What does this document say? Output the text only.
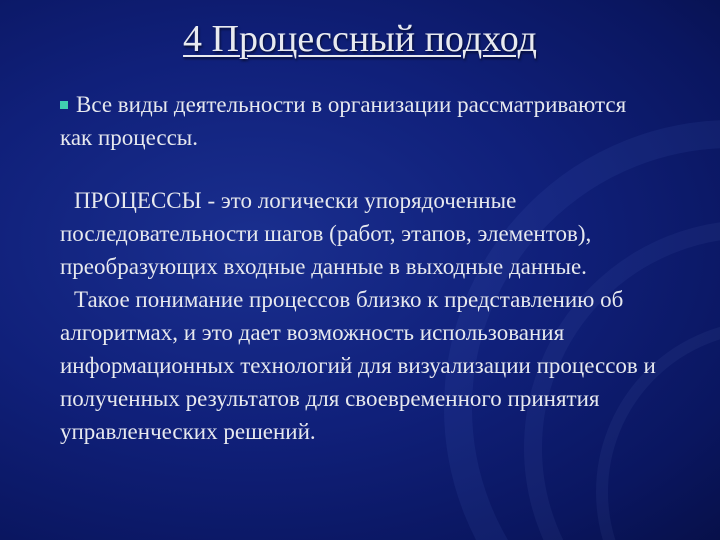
4 Процессный подход

Все виды деятельности в организации рассматриваются как процессы.

ПРОЦЕССЫ - это логически упорядоченные последовательности шагов (работ, этапов, элементов), преобразующих входные данные в выходные данные.

Такое понимание процессов близко к представлению об алгоритмах, и это дает возможность использования информационных технологий для визуализации процессов и полученных результатов для своевременного принятия управленческих решений.
